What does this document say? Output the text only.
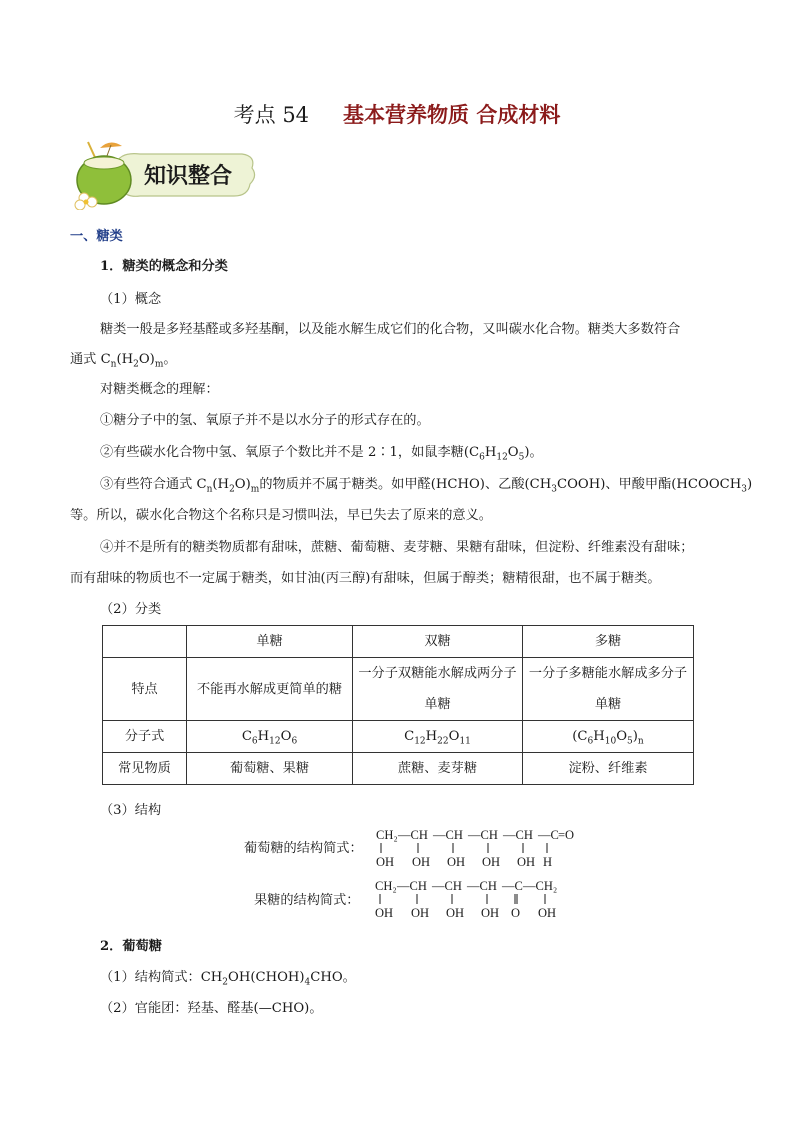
考点 54 基本营养物质 合成材料
知识整合
一、糖类
1．糖类的概念和分类
（1）概念
糖类一般是多羟基醛或多羟基酮，以及能水解生成它们的化合物，又叫碳水化合物。糖类大多数符合
通式 $C_n(H_2O)_m$。
对糖类概念的理解：
①糖分子中的氢、氧原子并不是以水分子的形式存在的。
②有些碳水化合物中氢、氧原子个数比并不是 2∶1，如鼠李糖$(C_6H_{12}O_5)$。
③有些符合通式 $C_n(H_2O)_m$的物质并不属于糖类。如甲醛(HCHO)、乙酸$(CH_3COOH)$、甲酸甲酯$(HCOOCH_3)$
等。所以，碳水化合物这个名称只是习惯叫法，早已失去了原来的意义。
④并不是所有的糖类物质都有甜味，蔗糖、葡萄糖、麦芽糖、果糖有甜味，但淀粉、纤维素没有甜味；
而有甜味的物质也不一定属于糖类，如甘油(丙三醇)有甜味，但属于醇类；糖精很甜，也不属于糖类。
（2）分类
	单糖	双糖	多糖
特点	不能再水解成更简单的糖	一分子双糖能水解成两分子单糖	一分子多糖能水解成多分子单糖
分子式	$C_6H_{12}O_6$	$C_{12}H_{22}O_{11}$	$(C_6H_{10}O_5)_n$
常见物质	葡萄糖、果糖	蔗糖、麦芽糖	淀粉、纤维素
（3）结构
葡萄糖的结构简式：
CH₂ —CH —CH —CH —CH —C =O
OH OH OH OH OH H
果糖的结构简式：
CH₂ —CH —CH —CH —C —CH₂
OH OH OH OH O OH
2．葡萄糖
（1）结构简式：$CH_2OH(CHOH)_4CHO$。
（2）官能团：羟基、醛基(—CHO)。
